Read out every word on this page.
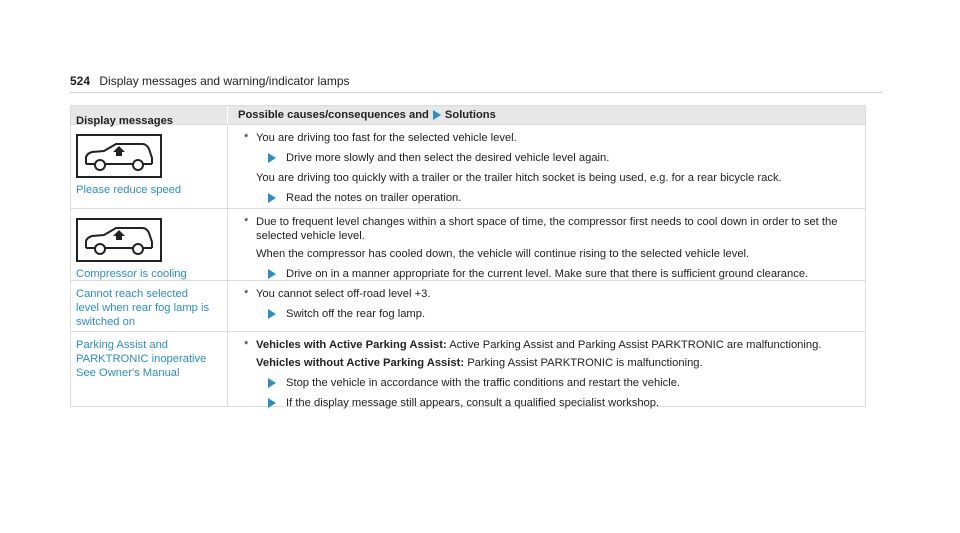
524 Display messages and warning/indicator lamps
Display messages	Possible causes/consequences and Solutions
Please reduce speed
* You are driving too fast for the selected vehicle level.
Drive more slowly and then select the desired vehicle level again.
You are driving too quickly with a trailer or the trailer hitch socket is being used, e.g. for a rear bicycle rack.
Read the notes on trailer operation.
Compressor is cooling
* Due to frequent level changes within a short space of time, the compressor first needs to cool down in order to set the selected vehicle level.
When the compressor has cooled down, the vehicle will continue rising to the selected vehicle level.
Drive on in a manner appropriate for the current level. Make sure that there is sufficient ground clearance.
Cannot reach selected
level when rear fog lamp is
switched on
* You cannot select off-road level +3.
Switch off the rear fog lamp.
Parking Assist and
PARKTRONIC inoperative
See Owner's Manual
* Vehicles with Active Parking Assist: Active Parking Assist and Parking Assist PARKTRONIC are malfunctioning.
Vehicles without Active Parking Assist: Parking Assist PARKTRONIC is malfunctioning.
Stop the vehicle in accordance with the traffic conditions and restart the vehicle.
If the display message still appears, consult a qualified specialist workshop.
